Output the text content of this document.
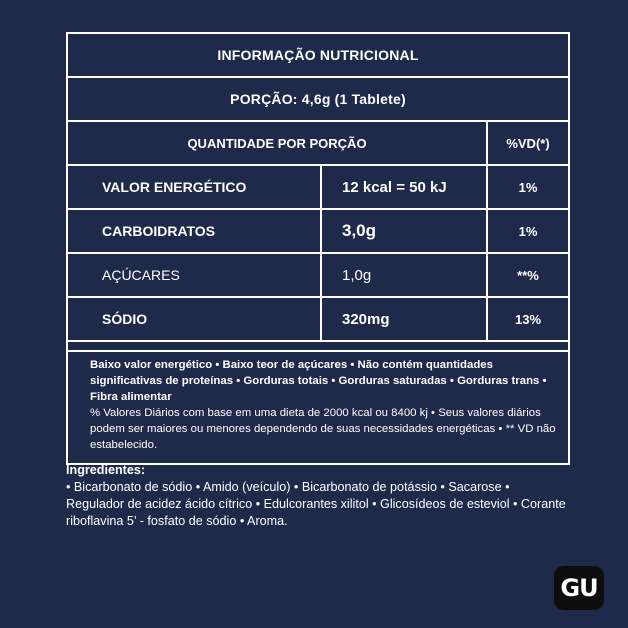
INFORMAÇÃO NUTRICIONAL
PORÇÃO: 4,6g (1 Tablete)
QUANTIDADE POR PORÇÃO	%VD(*)
VALOR ENERGÉTICO	12 kcal = 50 kJ	1%
CARBOIDRATOS	3,0g	1%
AÇÚCARES	1,0g	**%
SÓDIO	320mg	13%
Baixo valor energético • Baixo teor de açúcares • Não contém quantidades significativas de proteínas • Gorduras totais • Gorduras saturadas • Gorduras trans • Fibra alimentar
% Valores Diários com base em uma dieta de 2000 kcal ou 8400 kj • Seus valores diários podem ser maiores ou menores dependendo de suas necessidades energéticas • ** VD não estabelecido.
Ingredientes:
• Bicarbonato de sódio • Amido (veículo) • Bicarbonato de potássio • Sacarose • Regulador de acidez ácido cítrico • Edulcorantes xilitol • Glicosídeos de esteviol • Corante riboflavina 5’ - fosfato de sódio • Aroma.
GU
